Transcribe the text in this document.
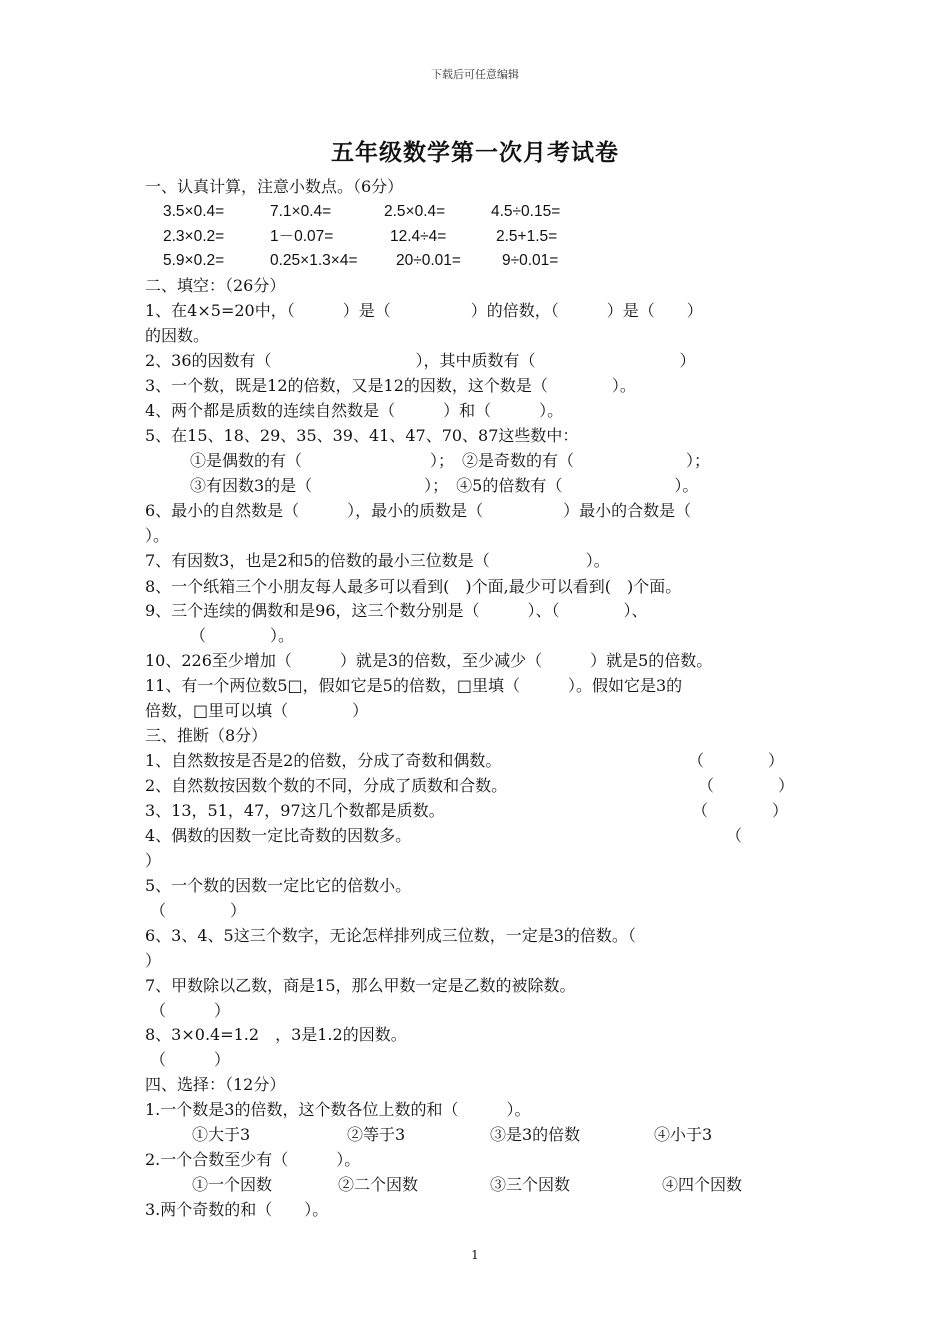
下载后可任意编辑
五年级数学第一次月考试卷
一、认真计算，注意小数点。（6分）
3.5×0.4=	7.1×0.4=	2.5×0.4=	4.5÷0.15=
2.3×0.2=	1－0.07=	12.4÷4=	2.5+1.5=
5.9×0.2=	0.25×1.3×4= 20÷0.01=	9÷0.01=
二、填空：（26分）
1、在4×5=20中，（　　　）是（　　　　　）的倍数，（　　　）是（　　）
的因数。
2、36的因数有（　　　　　　　　　），其中质数有（　　　　　　　　　）
3、一个数，既是12的倍数，又是12的因数，这个数是（　　　　）。
4、两个都是质数的连续自然数是（　　　）和（　　　）。
5、在15、18、29、35、39、41、47、70、87这些数中：
①是偶数的有（　　　　　　　　）；　②是奇数的有（　　　　　　　）；
③有因数3的是（　　　　　　　）；　④5的倍数有（　　　　　　　）。
6、最小的自然数是（　　　），最小的质数是（　　　　　）最小的合数是（
）。
7、有因数3，也是2和5的倍数的最小三位数是（　　　　　　）。
8、一个纸箱三个小朋友每人最多可以看到(　)个面,最少可以看到(　)个面。
9、三个连续的偶数和是96，这三个数分别是（　　　）、（　　　　）、
（　　　　）。
10、226至少增加（　　　）就是3的倍数，至少减少（　　　）就是5的倍数。
11、有一个两位数5□，假如它是5的倍数，□里填（　　　）。假如它是3的
倍数，□里可以填（　　　　）
三、推断（8分）
1、自然数按是否是2的倍数，分成了奇数和偶数。	（　　　　）
2、自然数按因数个数的不同，分成了质数和合数。	（　　　　）
3、13，51，47，97这几个数都是质数。	（　　　　）
4、偶数的因数一定比奇数的因数多。	（
）
5、一个数的因数一定比它的倍数小。
（　　　　）
6、3、4、5这三个数字，无论怎样排列成三位数，一定是3的倍数。（
）
7、甲数除以乙数，商是15，那么甲数一定是乙数的被除数。
（　　　）
8、3×0.4=1.2　，3是1.2的因数。
（　　　）
四、选择：（12分）
1.一个数是3的倍数，这个数各位上数的和（　　　）。
①大于3	②等于3	③是3的倍数	④小于3
2.一个合数至少有（　　　）。
①一个因数	②二个因数	③三个因数	④四个因数
3.两个奇数的和（　　）。
1
